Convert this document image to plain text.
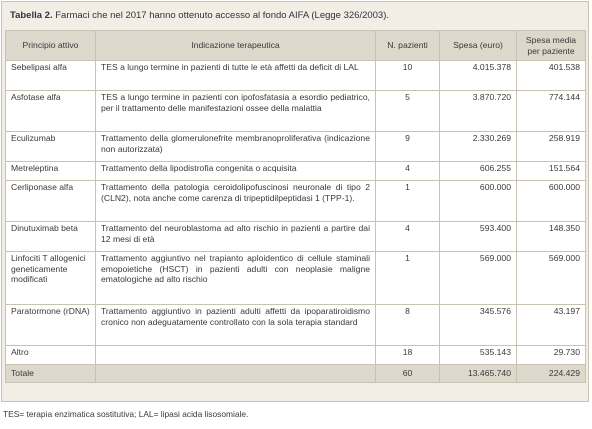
Tabella 2. Farmaci che nel 2017 hanno ottenuto accesso al fondo AIFA (Legge 326/2003).
Principio attivo	Indicazione terapeutica	N. pazienti	Spesa (euro)	Spesa media per paziente
Sebelipasi alfa	TES a lungo termine in pazienti di tutte le età affetti da deficit di LAL	10	4.015.378	401.538
Asfotase alfa	TES a lungo termine in pazienti con ipofosfatasia a esordio pediatrico, per il trattamento delle manifestazioni ossee della malattia	5	3.870.720	774.144
Eculizumab	Trattamento della glomerulonefrite membranoproliferativa (indicazione non autorizzata)	9	2.330.269	258.919
Metreleptina	Trattamento della lipodistrofia congenita o acquisita	4	606.255	151.564
Cerliponase alfa	Trattamento della patologia ceroidolipofuscinosi neuronale di tipo 2 (CLN2), nota anche come carenza di tripeptidilpeptidasi 1 (TPP-1).	1	600.000	600.000
Dinutuximab beta	Trattamento del neuroblastoma ad alto rischio in pazienti a partire dai 12 mesi di età	4	593.400	148.350
Linfociti T allogenici geneticamente modificati	Trattamento aggiuntivo nel trapianto aploidentico di cellule staminali emopoietiche (HSCT) in pazienti adulti con neoplasie maligne ematologiche ad alto rischio	1	569.000	569.000
Paratormone (rDNA)	Trattamento aggiuntivo in pazienti adulti affetti da ipoparatiroidismo cronico non adeguatamente controllato con la sola terapia standard	8	345.576	43.197
Altro		18	535.143	29.730
Totale		60	13.465.740	224.429
TES= terapia enzimatica sostitutiva; LAL= lipasi acida lisosomiale.
